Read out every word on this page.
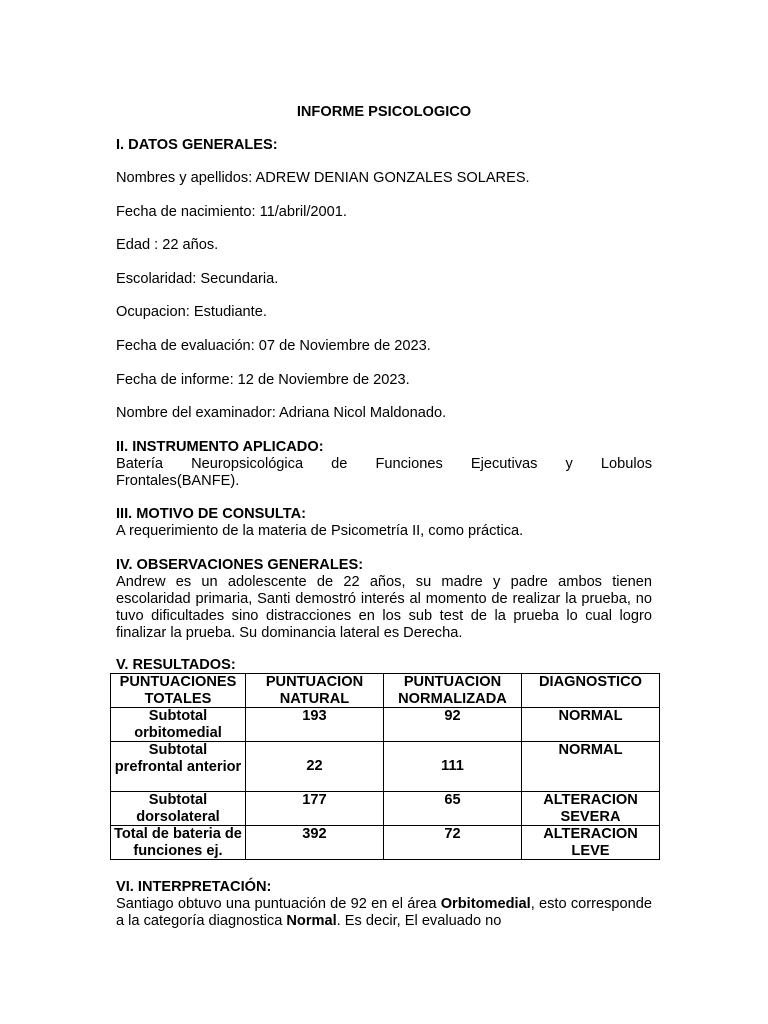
INFORME PSICOLOGICO
I. DATOS GENERALES:
Nombres y apellidos: ADREW DENIAN GONZALES SOLARES.
Fecha de nacimiento: 11/abril/2001.
Edad : 22 años.
Escolaridad: Secundaria.
Ocupacion: Estudiante.
Fecha de evaluación: 07 de Noviembre de 2023.
Fecha de informe: 12 de Noviembre de 2023.
Nombre del examinador: Adriana Nicol Maldonado.
II. INSTRUMENTO APLICADO:
Batería Neuropsicológica de Funciones Ejecutivas y Lobulos
Frontales(BANFE).
III. MOTIVO DE CONSULTA:
A requerimiento de la materia de Psicometría II, como práctica.
IV. OBSERVACIONES GENERALES:
Andrew es un adolescente de 22 años, su madre y padre ambos tienen escolaridad primaria, Santi demostró interés al momento de realizar la prueba, no tuvo dificultades sino distracciones en los sub test de la prueba lo cual logro finalizar la prueba. Su dominancia lateral es Derecha.
V. RESULTADOS:
PUNTUACIONES TOTALES	PUNTUACION NATURAL	PUNTUACION NORMALIZADA	DIAGNOSTICO
Subtotal orbitomedial	193	92	NORMAL
Subtotal prefrontal anterior	22	111	NORMAL
Subtotal dorsolateral	177	65	ALTERACION SEVERA
Total de bateria de funciones ej.	392	72	ALTERACION LEVE
VI. INTERPRETACIÓN:
Santiago obtuvo una puntuación de 92 en el área Orbitomedial, esto corresponde a la categoría diagnostica Normal. Es decir, El evaluado no
